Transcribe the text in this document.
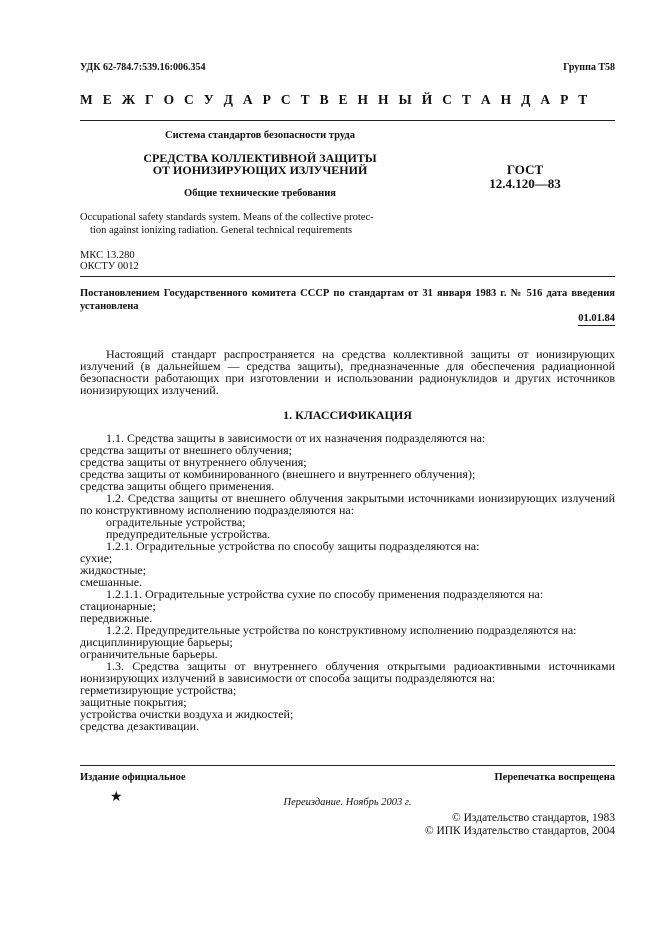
УДК 62-784.7:539.16:006.354	Группа Т58
М Е Ж Г О С У Д А Р С Т В Е Н Н Ы Й С Т А Н Д А Р Т
Система стандартов безопасности труда
СРЕДСТВА КОЛЛЕКТИВНОЙ ЗАЩИТЫ
ОТ ИОНИЗИРУЮЩИХ ИЗЛУЧЕНИЙ
Общие технические требования
ГОСТ
12.4.120—83
Occupational safety standards system. Means of the collective protec-
tion against ionizing radiation. General technical requirements
МКС 13.280
ОКСТУ 0012
Постановлением Государственного комитета СССР по стандартам от 31 января 1983 г. № 516 дата введения установлена
01.01.84
Настоящий стандарт распространяется на средства коллективной защиты от ионизирующих излучений (в дальнейшем — средства защиты), предназначенные для обеспечения радиационной безопасности работающих при изготовлении и использовании радионуклидов и других источников ионизирующих излучений.
1. КЛАССИФИКАЦИЯ
1.1. Средства защиты в зависимости от их назначения подразделяются на:
средства защиты от внешнего облучения;
средства защиты от внутреннего облучения;
средства защиты от комбинированного (внешнего и внутреннего облучения);
средства защиты общего применения.
1.2. Средства защиты от внешнего облучения закрытыми источниками ионизирующих излучений по конструктивному исполнению подразделяются на:
оградительные устройства;
предупредительные устройства.
1.2.1. Оградительные устройства по способу защиты подразделяются на:
сухие;
жидкостные;
смешанные.
1.2.1.1. Оградительные устройства сухие по способу применения подразделяются на:
стационарные;
передвижные.
1.2.2. Предупредительные устройства по конструктивному исполнению подразделяются на:
дисциплинирующие барьеры;
ограничительные барьеры.
1.3. Средства защиты от внутреннего облучения открытыми радиоактивными источниками ионизирующих излучений в зависимости от способа защиты подразделяются на:
герметизирующие устройства;
защитные покрытия;
устройства очистки воздуха и жидкостей;
средства дезактивации.
Издание официальное	Перепечатка воспрещена
★	Переиздание. Ноябрь 2003 г.
© Издательство стандартов, 1983
© ИПК Издательство стандартов, 2004
